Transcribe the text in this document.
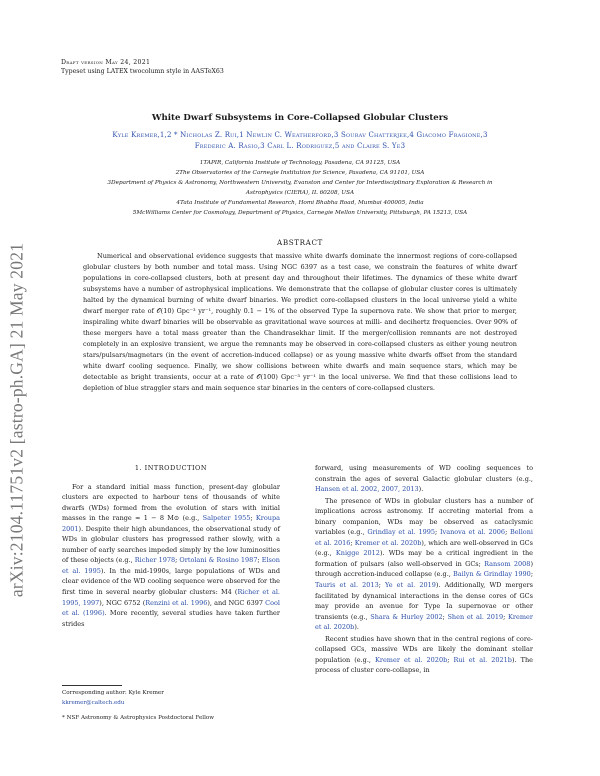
arXiv:2104.11751v2 [astro-ph.GA] 21 May 2021
Draft version May 24, 2021
Typeset using LATEX twocolumn style in AASTeX63
White Dwarf Subsystems in Core-Collapsed Globular Clusters
Kyle Kremer,1,2 * Nicholas Z. Rui,1 Newlin C. Weatherford,3 Sourav Chatterjee,4 Giacomo Fragione,3
Frederic A. Rasio,3 Carl L. Rodriguez,5 and Claire S. Ye3
1TAPIR, California Institute of Technology, Pasadena, CA 91125, USA
2The Observatories of the Carnegie Institution for Science, Pasadena, CA 91101, USA
3Department of Physics & Astronomy, Northwestern University, Evanston and Center for Interdisciplinary Exploration & Research in
Astrophysics (CIERA), IL 60208, USA
4Tata Institute of Fundamental Research, Homi Bhabha Road, Mumbai 400005, India
5McWilliams Center for Cosmology, Department of Physics, Carnegie Mellon University, Pittsburgh, PA 15213, USA
ABSTRACT
Numerical and observational evidence suggests that massive white dwarfs dominate the innermost regions of core-collapsed globular clusters by both number and total mass. Using NGC 6397 as a test case, we constrain the features of white dwarf populations in core-collapsed clusters, both at present day and throughout their lifetimes. The dynamics of these white dwarf subsystems have a number of astrophysical implications. We demonstrate that the collapse of globular cluster cores is ultimately halted by the dynamical burning of white dwarf binaries. We predict core-collapsed clusters in the local universe yield a white dwarf merger rate of 𝒪(10) Gpc⁻³ yr⁻¹, roughly 0.1 − 1% of the observed Type Ia supernova rate. We show that prior to merger, inspiraling white dwarf binaries will be observable as gravitational wave sources at milli- and decihertz frequencies. Over 90% of these mergers have a total mass greater than the Chandrasekhar limit. If the merger/collision remnants are not destroyed completely in an explosive transient, we argue the remnants may be observed in core-collapsed clusters as either young neutron stars/pulsars/magnetars (in the event of accretion-induced collapse) or as young massive white dwarfs offset from the standard white dwarf cooling sequence. Finally, we show collisions between white dwarfs and main sequence stars, which may be detectable as bright transients, occur at a rate of 𝒪(100) Gpc⁻³ yr⁻¹ in the local universe. We find that these collisions lead to depletion of blue straggler stars and main sequence star binaries in the centers of core-collapsed clusters.

1. INTRODUCTION

For a standard initial mass function, present-day globular clusters are expected to harbour tens of thousands of white dwarfs (WDs) formed from the evolution of stars with initial masses in the range ≈ 1 − 8 M⊙ (e.g., Salpeter 1955; Kroupa 2001). Despite their high abundances, the observational study of WDs in globular clusters has progressed rather slowly, with a number of early searches impeded simply by the low luminosities of these objects (e.g., Richer 1978; Ortolani & Rosino 1987; Elson et al. 1995). In the mid-1990s, large populations of WDs and clear evidence of the WD cooling sequence were observed for the first time in several nearby globular clusters: M4 (Richer et al. 1995, 1997), NGC 6752 (Renzini et al. 1996), and NGC 6397 Cool et al. (1996). More recently, several studies have taken further strides

forward, using measurements of WD cooling sequences to constrain the ages of several Galactic globular clusters (e.g., Hansen et al. 2002, 2007, 2013).

The presence of WDs in globular clusters has a number of implications across astronomy. If accreting material from a binary companion, WDs may be observed as cataclysmic variables (e.g., Grindlay et al. 1995; Ivanova et al. 2006; Belloni et al. 2016; Kremer et al. 2020b), which are well-observed in GCs (e.g., Knigge 2012). WDs may be a critical ingredient in the formation of pulsars (also well-observed in GCs; Ransom 2008) through accretion-induced collapse (e.g., Bailyn & Grindlay 1990; Tauris et al. 2013; Ye et al. 2019). Additionally, WD mergers facilitated by dynamical interactions in the dense cores of GCs may provide an avenue for Type Ia supernovae or other transients (e.g., Shara & Hurley 2002; Shen et al. 2019; Kremer et al. 2020b).

Recent studies have shown that in the central regions of core-collapsed GCs, massive WDs are likely the dominant stellar population (e.g., Kremer et al. 2020b; Rui et al. 2021b). The process of cluster core-collapse, in

Corresponding author: Kyle Kremer
kkremer@caltech.edu
* NSF Astronomy & Astrophysics Postdoctoral Fellow
